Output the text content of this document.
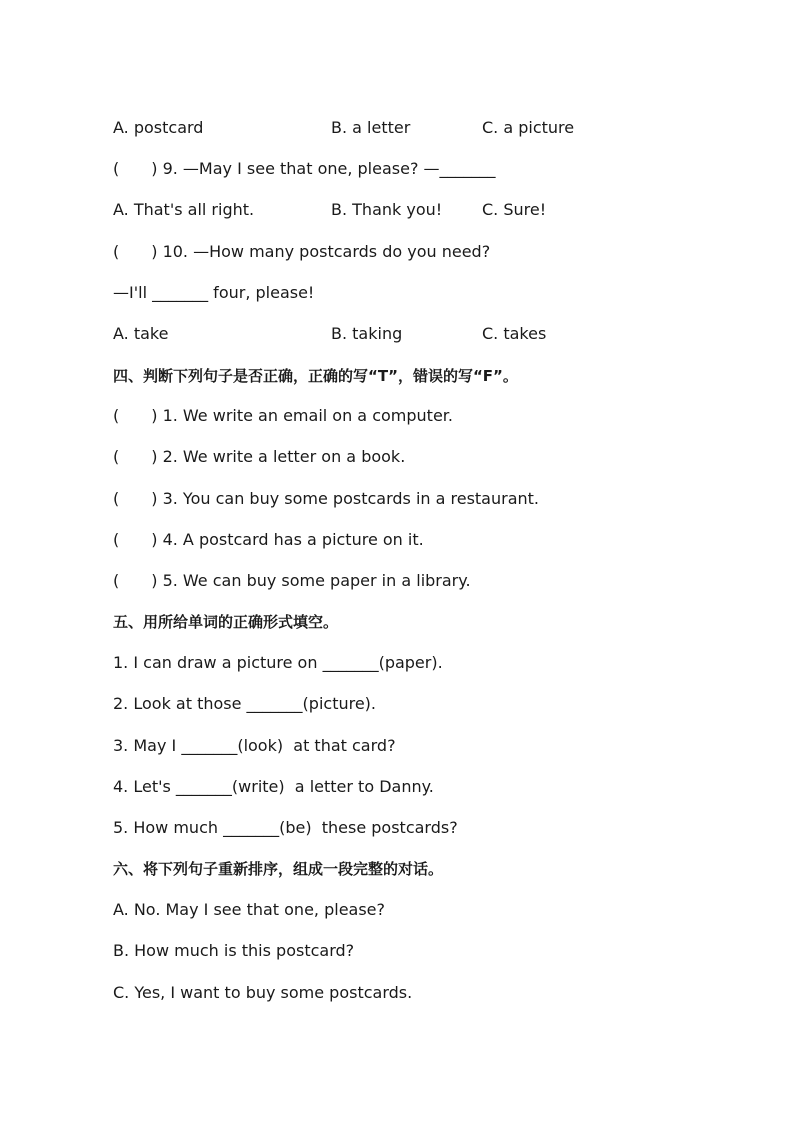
A. postcard	B. a letter	C. a picture
(　　) 9. —May I see that one, please? —_______
A. That's all right.	B. Thank you! C. Sure!
(　　) 10. —How many postcards do you need?
—I'll _______ four, please!
A. take	B. taking	C. takes
四、判断下列句子是否正确，正确的写“T”，错误的写“F”。
(　　) 1. We write an email on a computer.
(　　) 2. We write a letter on a book.
(　　) 3. You can buy some postcards in a restaurant.
(　　) 4. A postcard has a picture on it.
(　　) 5. We can buy some paper in a library.
五、用所给单词的正确形式填空。
1. I can draw a picture on _______(paper).
2. Look at those _______(picture).
3. May I _______(look)  at that card?
4. Let's _______(write)  a letter to Danny.
5. How much _______(be)  these postcards?
六、将下列句子重新排序，组成一段完整的对话。
A. No. May I see that one, please?
B. How much is this postcard?
C. Yes, I want to buy some postcards.
